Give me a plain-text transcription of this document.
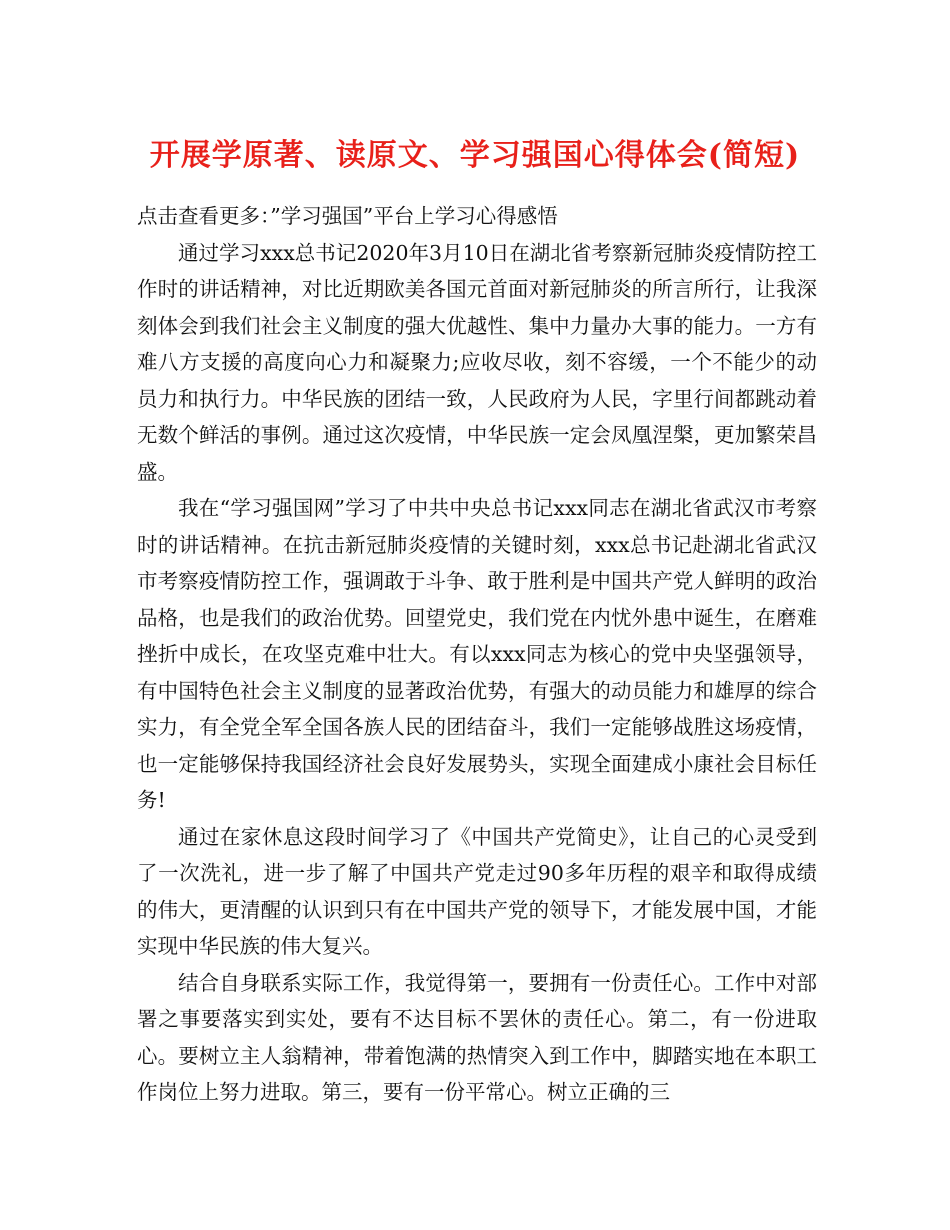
开展学原著、读原文、学习强国心得体会(简短)

点击查看更多：”学习强国”平台上学习心得感悟

通过学习xxx总书记2020年3月10日在湖北省考察新冠肺炎疫情防控工作时的讲话精神，对比近期欧美各国元首面对新冠肺炎的所言所行，让我深刻体会到我们社会主义制度的强大优越性、集中力量办大事的能力。一方有难八方支援的高度向心力和凝聚力;应收尽收，刻不容缓，一个不能少的动员力和执行力。中华民族的团结一致，人民政府为人民，字里行间都跳动着无数个鲜活的事例。通过这次疫情，中华民族一定会凤凰涅槃，更加繁荣昌盛。

我在“学习强国网”学习了中共中央总书记xxx同志在湖北省武汉市考察时的讲话精神。在抗击新冠肺炎疫情的关键时刻，xxx总书记赴湖北省武汉市考察疫情防控工作，强调敢于斗争、敢于胜利是中国共产党人鲜明的政治品格，也是我们的政治优势。回望党史，我们党在内忧外患中诞生，在磨难挫折中成长，在攻坚克难中壮大。有以xxx同志为核心的党中央坚强领导，有中国特色社会主义制度的显著政治优势，有强大的动员能力和雄厚的综合实力，有全党全军全国各族人民的团结奋斗，我们一定能够战胜这场疫情，也一定能够保持我国经济社会良好发展势头，实现全面建成小康社会目标任务!

通过在家休息这段时间学习了《中国共产党简史》，让自己的心灵受到了一次洗礼，进一步了解了中国共产党走过90多年历程的艰辛和取得成绩的伟大，更清醒的认识到只有在中国共产党的领导下，才能发展中国，才能实现中华民族的伟大复兴。

结合自身联系实际工作，我觉得第一，要拥有一份责任心。工作中对部署之事要落实到实处，要有不达目标不罢休的责任心。第二，有一份进取心。要树立主人翁精神，带着饱满的热情突入到工作中，脚踏实地在本职工作岗位上努力进取。第三，要有一份平常心。树立正确的三
